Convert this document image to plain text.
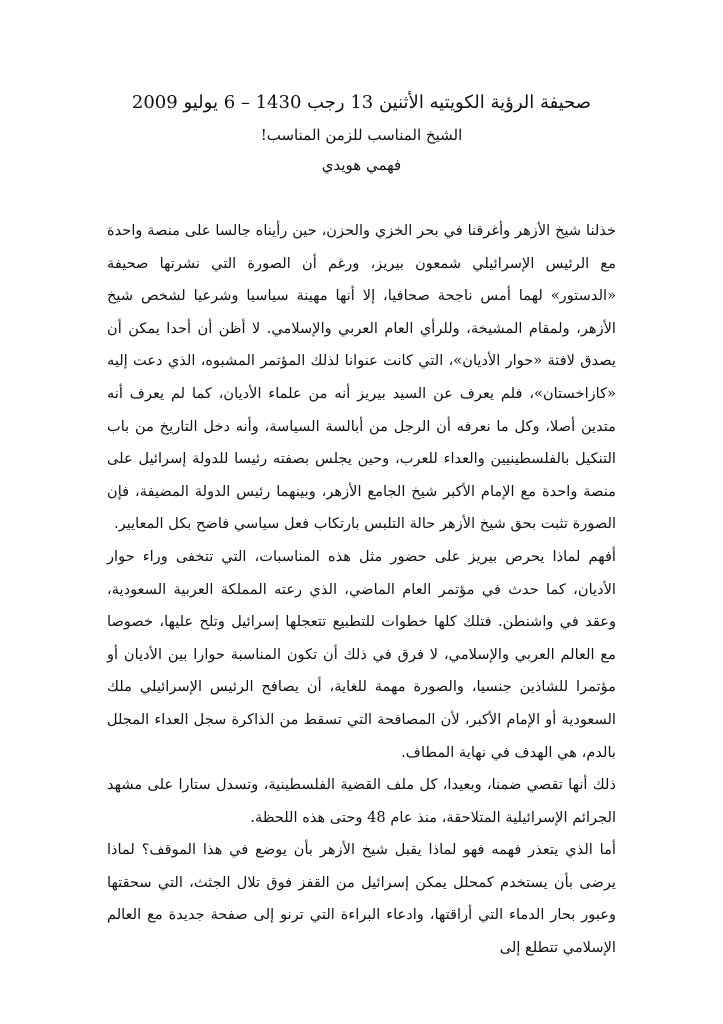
صحيفة الرؤية الكويتيه الأثنين 13 رجب 1430 – 6 يوليو 2009
الشيخ المناسب للزمن المناسب!
فهمي هويدي

خذلنا شيخ الأزهر وأغرقنا في بحر الخزي والحزن، حين رأيناه جالسا على منصة واحدة مع الرئيس الإسرائيلي شمعون بيريز، ورغم أن الصورة التي نشرتها صحيفة «الدستور» لهما أمس ناجحة صحافيا، إلا أنها مهينة سياسيا وشرعيا لشخص شيخ الأزهر، ولمقام المشيخة، وللرأي العام العربي والإسلامي. لا أظن أن أحدا يمكن أن يصدق لافتة «حوار الأديان»، التي كانت عنوانا لذلك المؤتمر المشبوه، الذي دعت إليه «كازاخستان»، فلم يعرف عن السيد بيريز أنه من علماء الأديان، كما لم يعرف أنه متدين أصلا، وكل ما نعرفه أن الرجل من أبالسة السياسة، وأنه دخل التاريخ من باب التنكيل بالفلسطينيين والعداء للعرب، وحين يجلس بصفته رئيسا للدولة إسرائيل على منصة واحدة مع الإمام الأكبر شيخ الجامع الأزهر، وبينهما رئيس الدولة المضيفة، فإن الصورة تثبت بحق شيخ الأزهر حالة التلبس بارتكاب فعل سياسي فاضح بكل المعايير.

أفهم لماذا يحرص بيريز على حضور مثل هذه المناسبات، التي تتخفى وراء حوار الأديان، كما حدث في مؤتمر العام الماضي، الذي رعته المملكة العربية السعودية، وعقد في واشنطن. فتلك كلها خطوات للتطبيع تتعجلها إسرائيل وتلح عليها، خصوصا مع العالم العربي والإسلامي، لا فرق في ذلك أن تكون المناسبة حوارا بين الأديان أو مؤتمرا للشاذين جنسيا، والصورة مهمة للغاية، أن يصافح الرئيس الإسرائيلي ملك السعودية أو الإمام الأكبر، لأن المصافحة التي تسقط من الذاكرة سجل العداء المجلل بالدم، هي الهدف في نهاية المطاف.

ذلك أنها تقصي ضمنا، وبعيدا، كل ملف القضية الفلسطينية، وتسدل ستارا على مشهد الجرائم الإسرائيلية المتلاحقة، منذ عام 48 وحتى هذه اللحظة.

أما الذي يتعذر فهمه فهو لماذا يقبل شيخ الأزهر بأن يوضع في هذا الموقف؟ لماذا يرضى بأن يستخدم كمحلل يمكن إسرائيل من القفز فوق تلال الجثث، التي سحقتها وعبور بحار الدماء التي أراقتها، وادعاء البراءة التي ترنو إلى صفحة جديدة مع العالم الإسلامي تتطلع إلى
